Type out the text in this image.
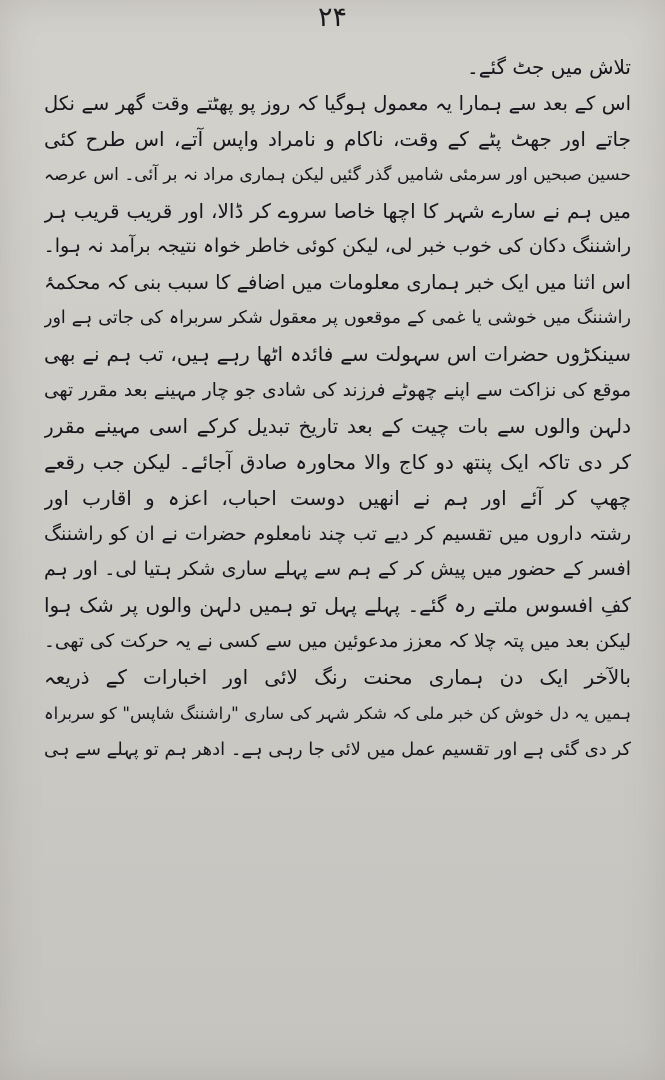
۲۴
تلاش میں جٹ گئے۔
اس کے بعد سے ہمارا یہ معمول ہوگیا کہ روز پو پھٹتے وقت گھر سے نکل
جاتے اور جھٹ پٹے کے وقت، ناکام و نامراد واپس آتے، اس طرح کئی
حسین صبحیں اور سرمئی شامیں گذر گئیں لیکن ہماری مراد نہ بر آئی۔ اس عرصہ
میں ہم نے سارے شہر کا اچھا خاصا سروے کر ڈالا، اور قریب قریب ہر
راشننگ دکان کی خوب خبر لی، لیکن کوئی خاطر خواہ نتیجہ برآمد نہ ہوا۔
اس اثنا میں ایک خبر ہماری معلومات میں اضافے کا سبب بنی کہ محکمۂ
راشننگ میں خوشی یا غمی کے موقعوں پر معقول شکر سربراہ کی جاتی ہے اور
سینکڑوں حضرات اس سہولت سے فائدہ اٹھا رہے ہیں، تب ہم نے بھی
موقع کی نزاکت سے اپنے چھوٹے فرزند کی شادی جو چار مہینے بعد مقرر تھی
دلہن والوں سے بات چیت کے بعد تاریخ تبدیل کرکے اسی مہینے مقرر
کر دی تاکہ ایک پنتھ دو کاج والا محاورہ صادق آجائے۔ لیکن جب رقعے
چھپ کر آئے اور ہم نے انھیں دوست احباب، اعزہ و اقارب اور
رشتہ داروں میں تقسیم کر دیے تب چند نامعلوم حضرات نے ان کو راشننگ
افسر کے حضور میں پیش کر کے ہم سے پہلے ساری شکر ہتیا لی۔ اور ہم
کفِ افسوس ملتے رہ گئے۔ پہلے پہل تو ہمیں دلہن والوں پر شک ہوا
لیکن بعد میں پتہ چلا کہ معزز مدعوئین میں سے کسی نے یہ حرکت کی تھی۔
بالآخر ایک دن ہماری محنت رنگ لائی اور اخبارات کے ذریعہ
ہمیں یہ دل خوش کن خبر ملی کہ شکر شہر کی ساری "راشننگ شاپس" کو سربراہ
کر دی گئی ہے اور تقسیم عمل میں لائی جا رہی ہے۔ ادھر ہم تو پہلے سے ہی
